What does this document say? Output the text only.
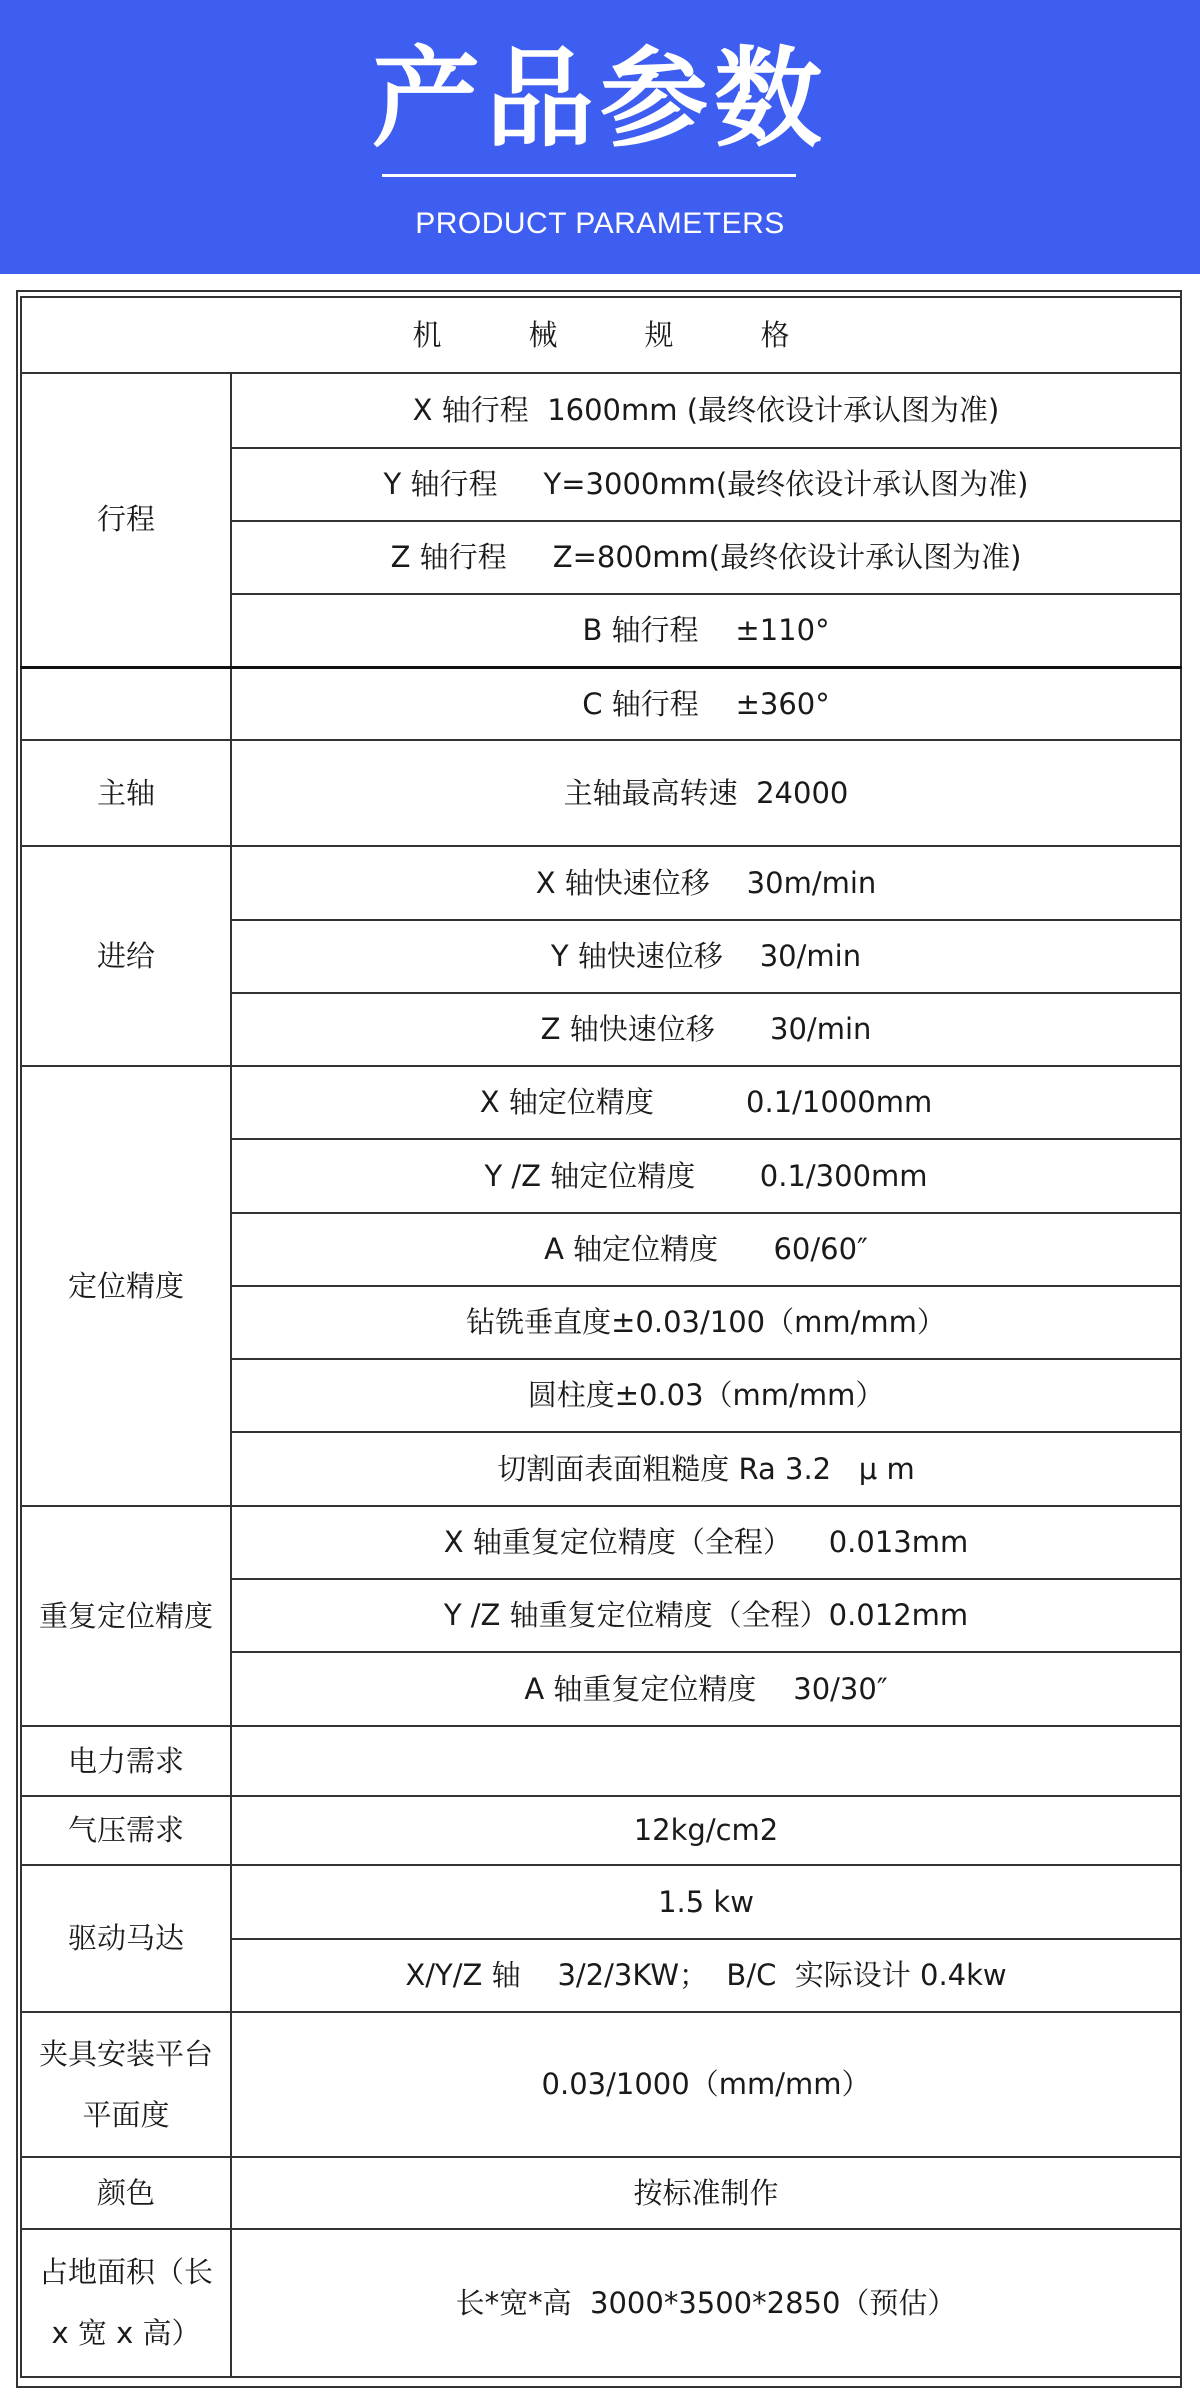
产品参数
PRODUCT PARAMETERS
机　　　械　　　规　　　格	
行程	X 轴行程  1600mm (最终依设计承认图为准)
	Y 轴行程     Y=3000mm(最终依设计承认图为准)
	Z 轴行程     Z=800mm(最终依设计承认图为准)
	B 轴行程    ±110°
	C 轴行程    ±360°
主轴	主轴最高转速  24000
进给	X 轴快速位移    30m/min
	Y 轴快速位移    30/min
	Z 轴快速位移      30/min
定位精度	X 轴定位精度          0.1/1000mm
	Y /Z 轴定位精度       0.1/300mm
	A 轴定位精度      60/60″
	钻铣垂直度±0.03/100（mm/mm）
	圆柱度±0.03（mm/mm）
	切割面表面粗糙度 Ra 3.2   μ m
重复定位精度	X 轴重复定位精度（全程）    0.013mm
	Y /Z 轴重复定位精度（全程）0.012mm
	A 轴重复定位精度    30/30″
电力需求	
气压需求	12kg/cm2
驱动马达	1.5 kw
	X/Y/Z 轴    3/2/3KW；  B/C  实际设计 0.4kw
夹具安装平台平面度	0.03/1000（mm/mm）
颜色	按标准制作
占地面积（长 x 宽 x 高）	长*宽*高  3000*3500*2850（预估）
